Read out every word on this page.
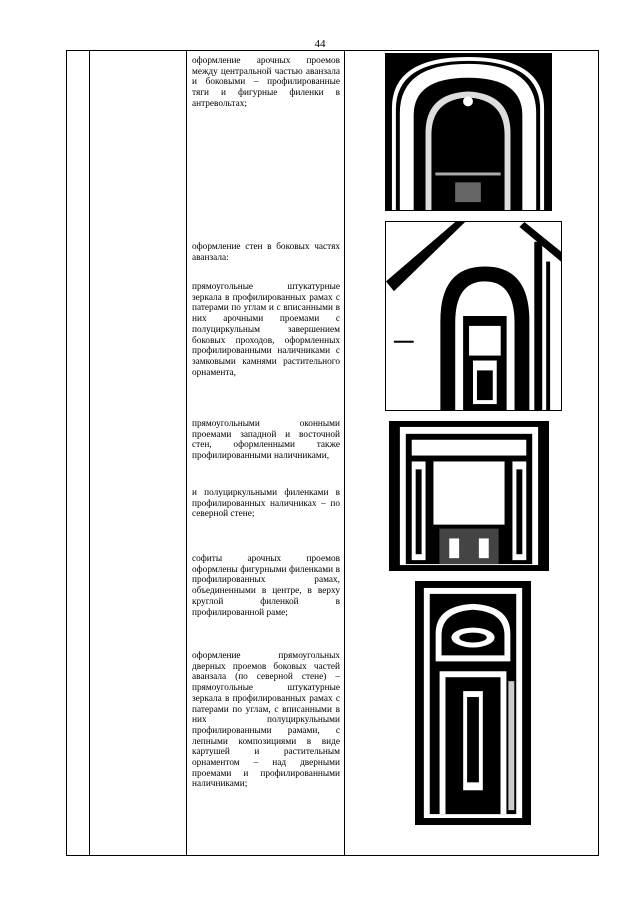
44

оформление арочных проемов между центральной частью аванзала и боковыми – профилированные тяги и фигурные филенки в антревольтах;

оформление стен в боковых частях аванзала:

прямоугольные штукатурные зеркала в профилированных рамах с патерами по углам и с вписанными в них арочными проемами с полуциркульным завершением боковых проходов, оформленных профилированными наличниками с замковыми камнями растительного орнамента,

прямоугольными оконными проемами западной и восточной стен, оформленными также профилированными наличниками,

и полуциркульными филенками в профилированных наличниках – по северной стене;

софиты арочных проемов оформлены фигурными филенками в профилированных рамах, объединенными в центре, в верху круглой филенкой в профилированной раме;

оформление прямоугольных дверных проемов боковых частей аванзала (по северной стене) – прямоугольные штукатурные зеркала в профилированных рамах с патерами по углам, с вписанными в них полуциркульными профилированными рамами, с лепными композициями в виде картушей и растительным орнаментом – над дверными проемами и профилированными наличниками;
